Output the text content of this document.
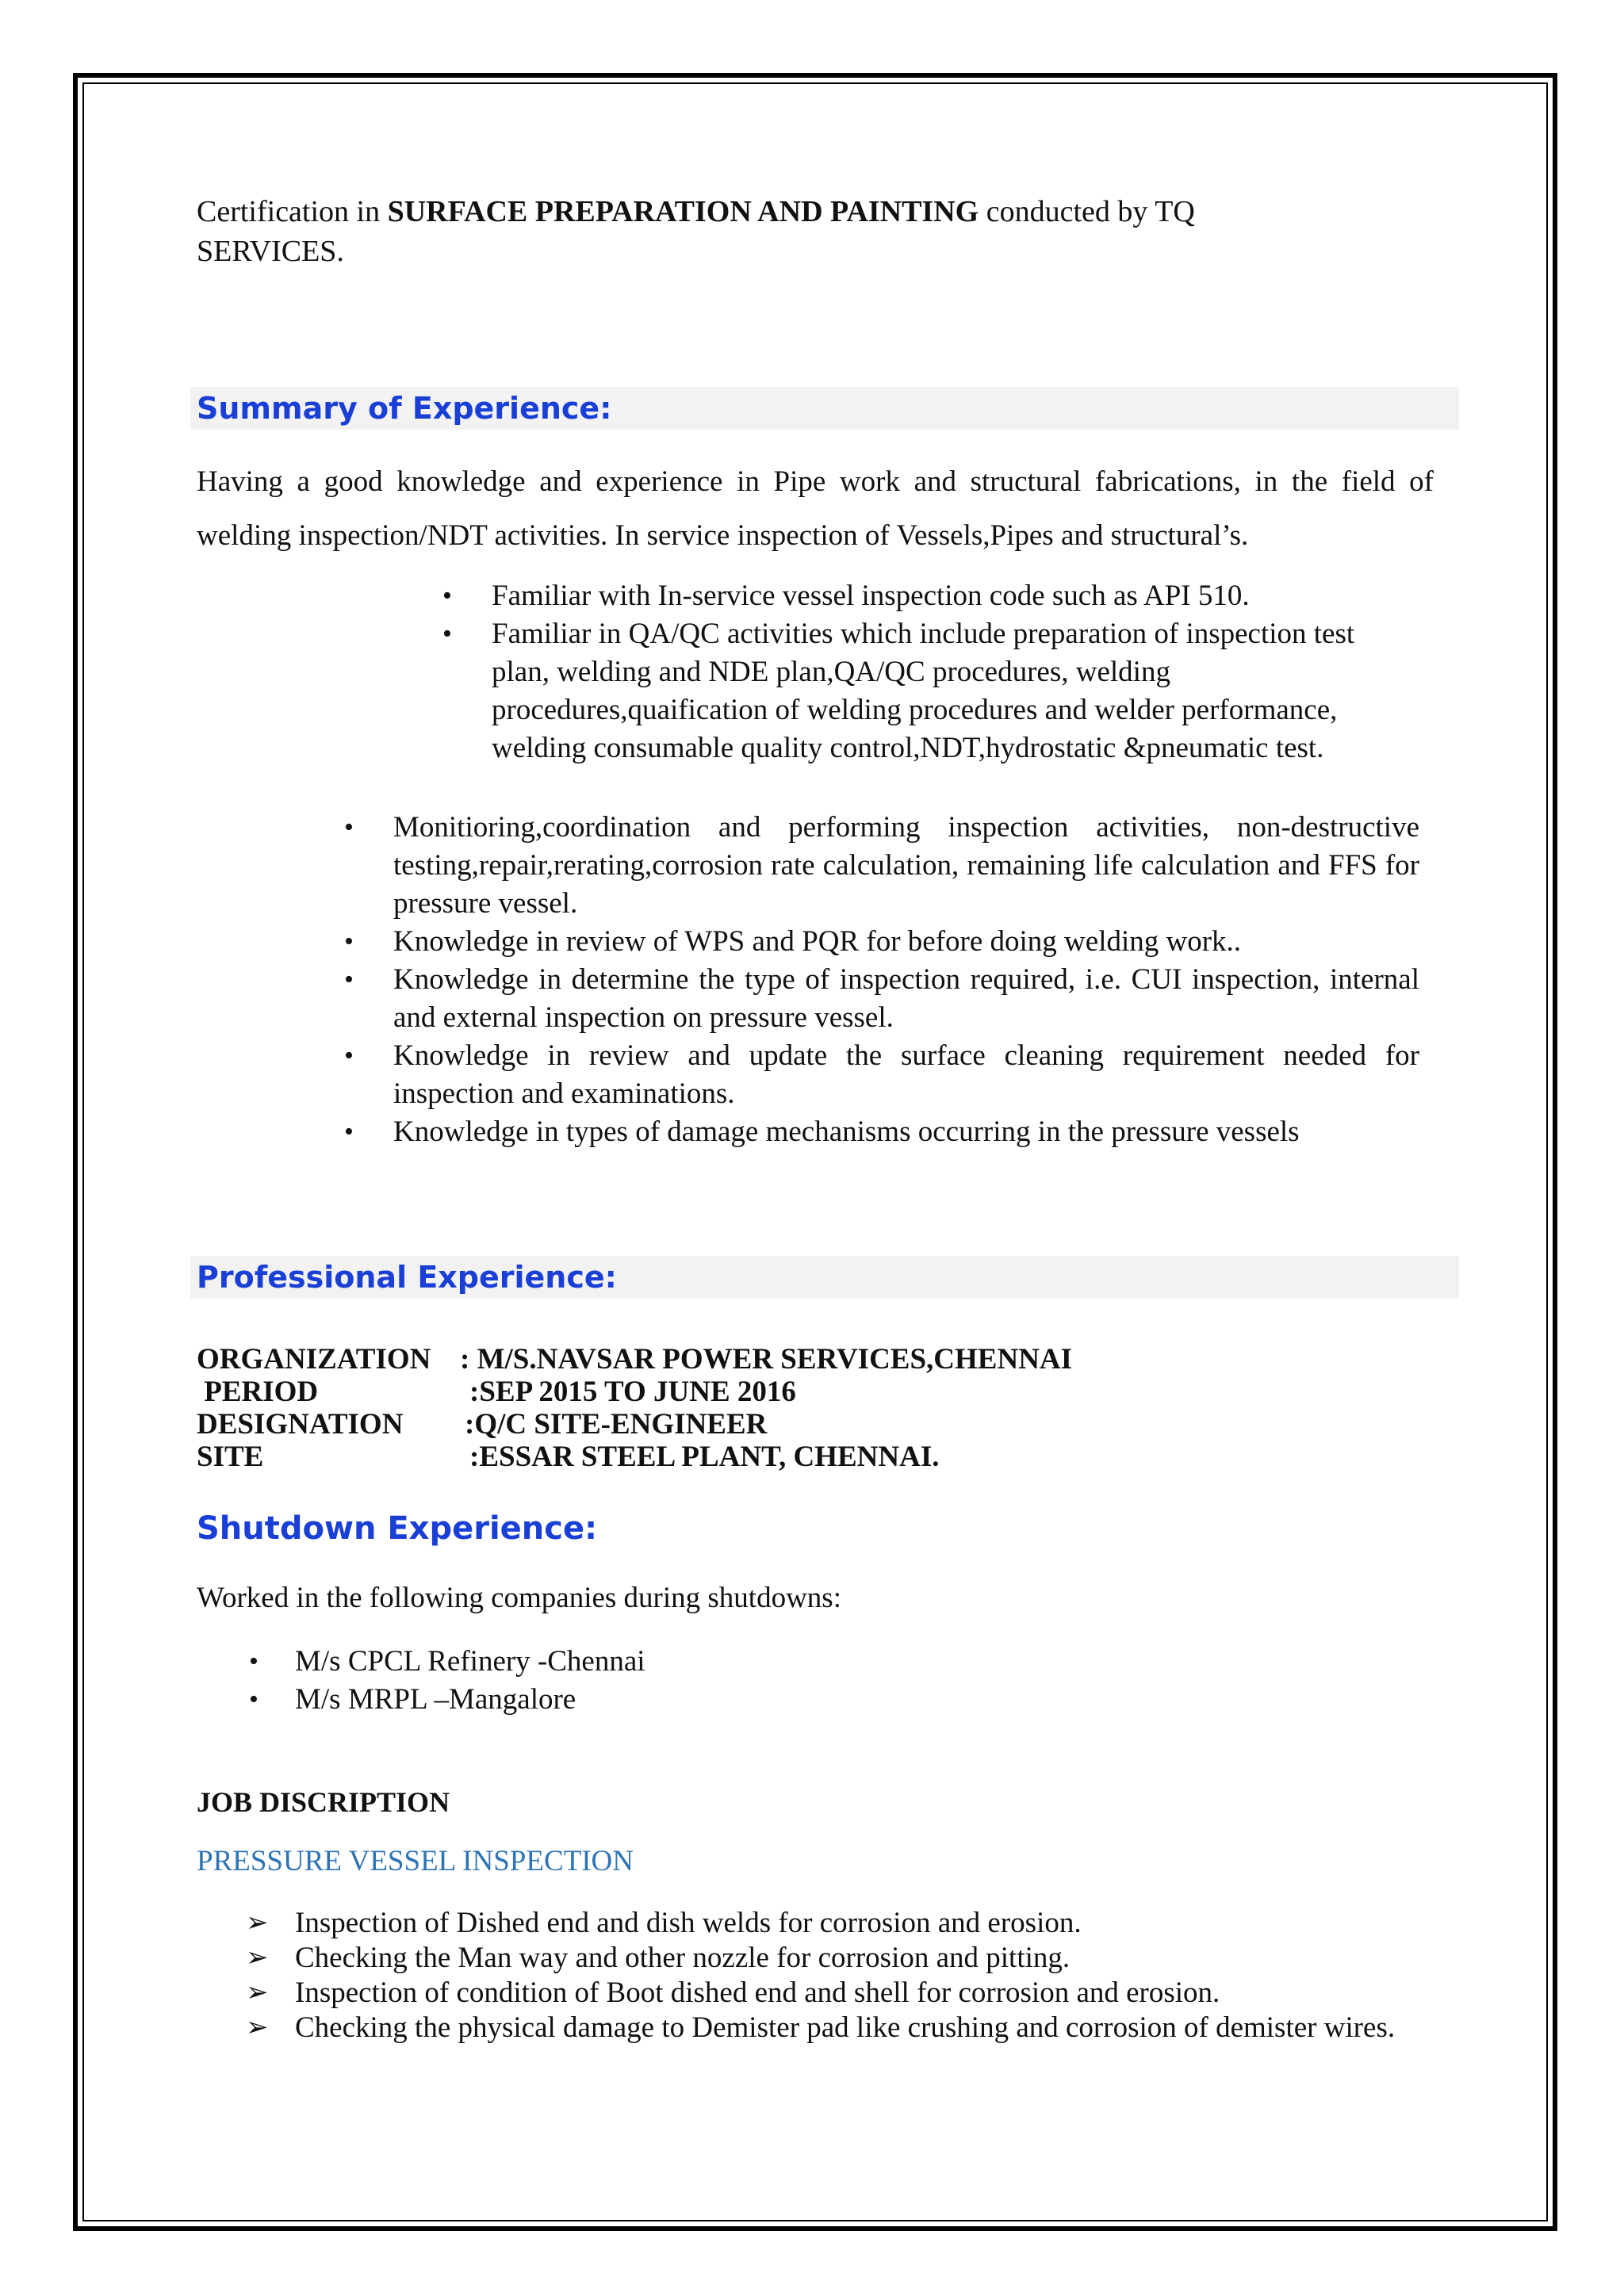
Certification in SURFACE PREPARATION AND PAINTING conducted by TQ SERVICES.
Summary of Experience:
Having a good knowledge and experience in Pipe work and structural fabrications, in the field of welding inspection/NDT activities. In service inspection of Vessels,Pipes and structural’s.
• Familiar with In-service vessel inspection code such as API 510.
• Familiar in QA/QC activities which include preparation of inspection test plan, welding and NDE plan,QA/QC procedures, welding procedures,quaification of welding procedures and welder performance, welding consumable quality control,NDT,hydrostatic &pneumatic test.
• Monitioring,coordination and performing inspection activities, non-destructive testing,repair,rerating,corrosion rate calculation, remaining life calculation and FFS for pressure vessel.
• Knowledge in review of WPS and PQR for before doing welding work..
• Knowledge in determine the type of inspection required, i.e. CUI inspection, internal and external inspection on pressure vessel.
• Knowledge in review and update the surface cleaning requirement needed for inspection and examinations.
• Knowledge in types of damage mechanisms occurring in the pressure vessels
Professional Experience:
ORGANIZATION : M/S.NAVSAR POWER SERVICES,CHENNAI
PERIOD	:SEP 2015 TO JUNE 2016
DESIGNATION :Q/C SITE-ENGINEER
SITE	:ESSAR STEEL PLANT, CHENNAI.
Shutdown Experience:
Worked in the following companies during shutdowns:
• M/s CPCL Refinery -Chennai
• M/s MRPL –Mangalore
JOB DISCRIPTION
PRESSURE VESSEL INSPECTION
➢ Inspection of Dished end and dish welds for corrosion and erosion.
➢ Checking the Man way and other nozzle for corrosion and pitting.
➢ Inspection of condition of Boot dished end and shell for corrosion and erosion.
➢ Checking the physical damage to Demister pad like crushing and corrosion of demister wires.
